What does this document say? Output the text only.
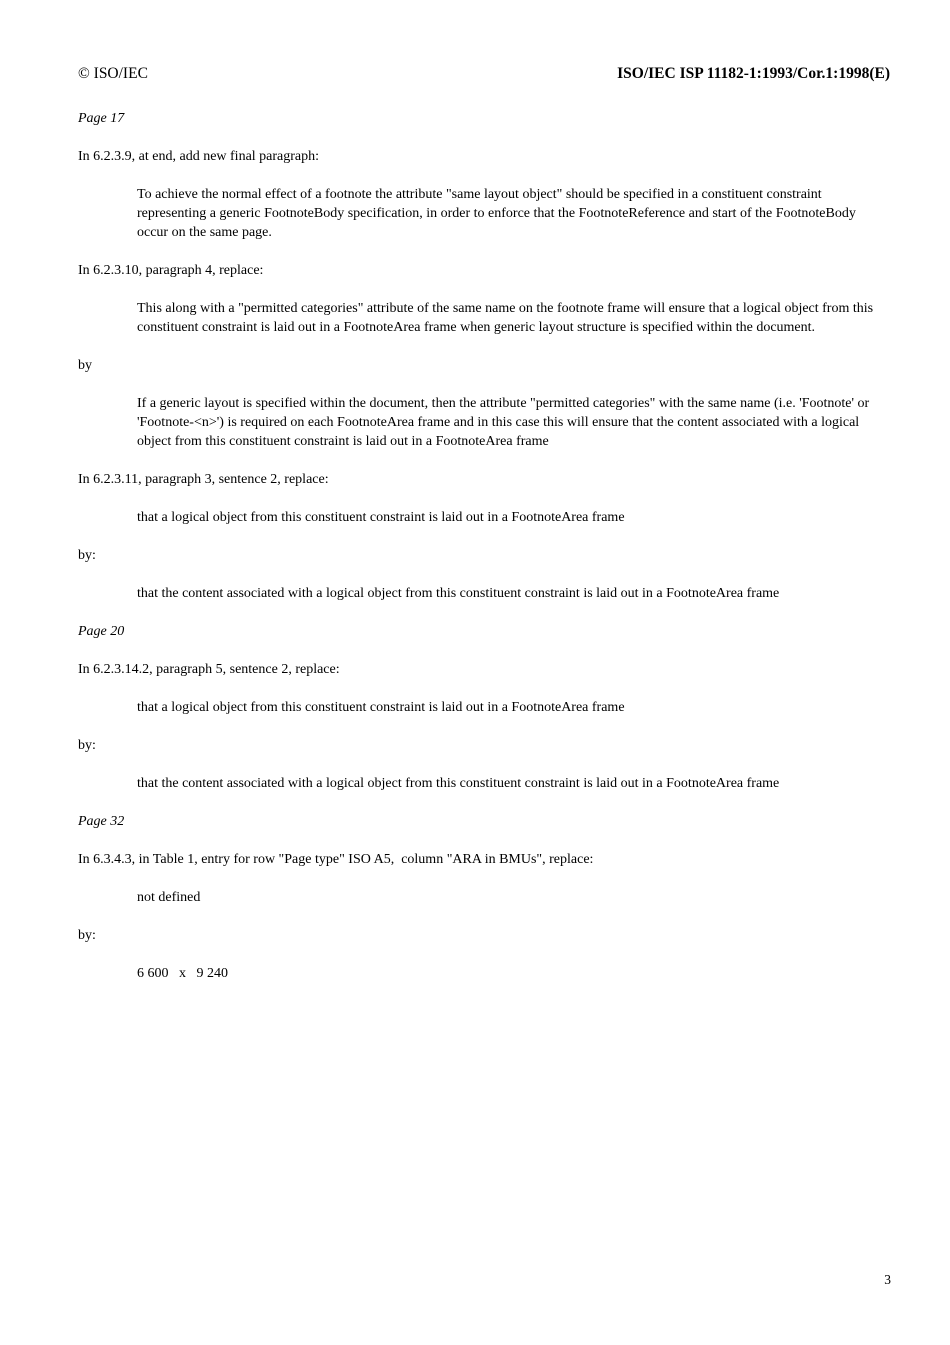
© ISO/IEC	ISO/IEC ISP 11182-1:1993/Cor.1:1998(E)

Page 17

In 6.2.3.9, at end, add new final paragraph:

To achieve the normal effect of a footnote the attribute "same layout object" should be specified in a constituent constraint representing a generic FootnoteBody specification, in order to enforce that the FootnoteReference and start of the FootnoteBody occur on the same page.

In 6.2.3.10, paragraph 4, replace:

This along with a "permitted categories" attribute of the same name on the footnote frame will ensure that a logical object from this constituent constraint is laid out in a FootnoteArea frame when generic layout structure is specified within the document.

by

If a generic layout is specified within the document, then the attribute "permitted categories" with the same name (i.e. 'Footnote' or 'Footnote-<n>') is required on each FootnoteArea frame and in this case this will ensure that the content associated with a logical object from this constituent constraint is laid out in a FootnoteArea frame

In 6.2.3.11, paragraph 3, sentence 2, replace:

that a logical object from this constituent constraint is laid out in a FootnoteArea frame

by:

that the content associated with a logical object from this constituent constraint is laid out in a FootnoteArea frame

Page 20

In 6.2.3.14.2, paragraph 5, sentence 2, replace:

that a logical object from this constituent constraint is laid out in a FootnoteArea frame

by:

that the content associated with a logical object from this constituent constraint is laid out in a FootnoteArea frame

Page 32

In 6.3.4.3, in Table 1, entry for row "Page type" ISO A5,  column "ARA in BMUs", replace:

not defined

by:

6 600   x   9 240

3
